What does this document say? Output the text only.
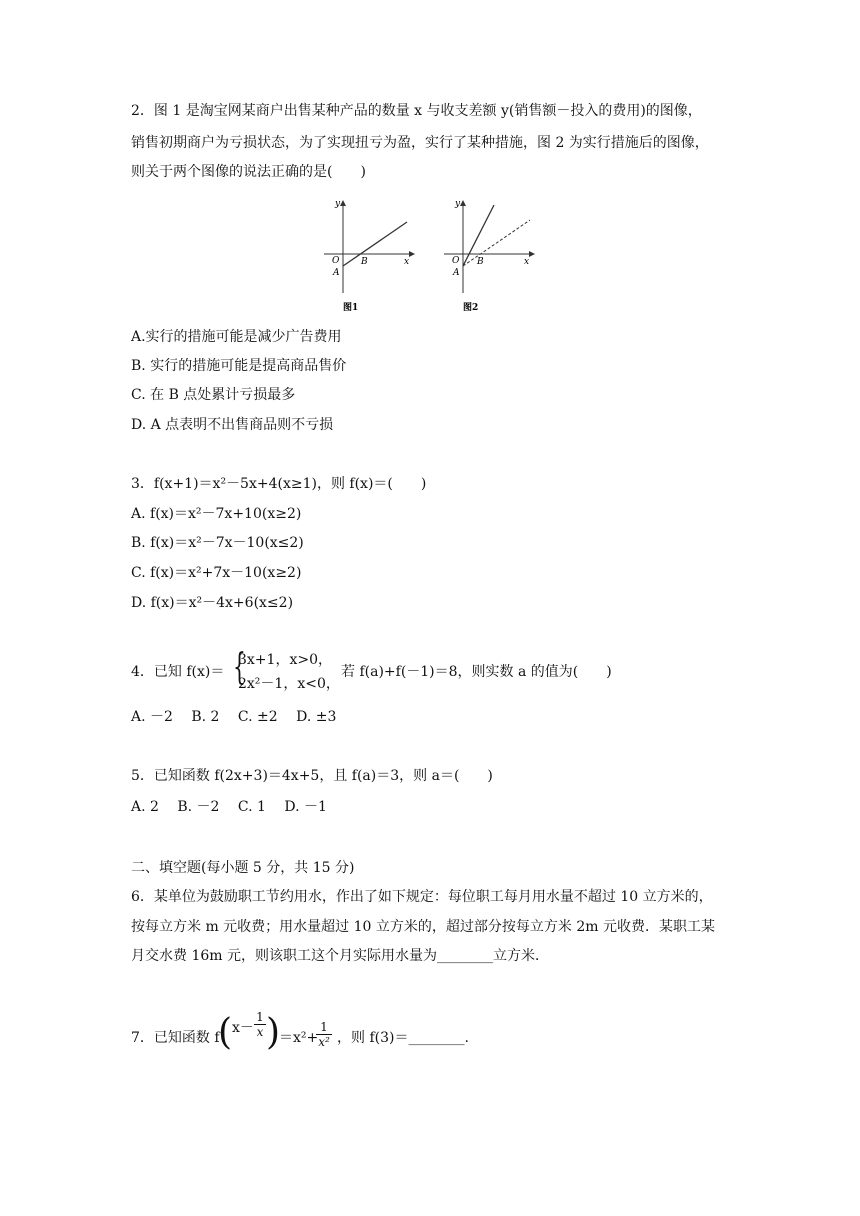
2．图 1 是淘宝网某商户出售某种产品的数量 x 与收支差额 y(销售额－投入的费用)的图像，
销售初期商户为亏损状态，为了实现扭亏为盈，实行了某种措施，图 2 为实行措施后的图像，
则关于两个图像的说法正确的是(　　)
y
x
O
A
B
图1
y
x
O
A
B
图2
A.实行的措施可能是减少广告费用
B. 实行的措施可能是提高商品售价
C. 在 B 点处累计亏损最多
D. A 点表明不出售商品则不亏损
3．f(x+1)＝x²－5x+4(x≥1)，则 f(x)＝(　　)
A. f(x)＝x²－7x+10(x≥2)
B. f(x)＝x²－7x－10(x≤2)
C. f(x)＝x²+7x－10(x≥2)
D. f(x)＝x²－4x+6(x≤2)
4．已知 f(x)＝ {
3x+1，x>0，
2x²－1，x<0，
若 f(a)+f(－1)＝8，则实数 a 的值为(　　)
A. －2　 B. 2　 C. ±2　 D. ±3
5．已知函数 f(2x+3)＝4x+5，且 f(a)＝3，则 a＝(　　)
A. 2　 B. －2　 C. 1　 D. －1
二、填空题(每小题 5 分，共 15 分)
6．某单位为鼓励职工节约用水，作出了如下规定：每位职工每月用水量不超过 10 立方米的，
按每立方米 m 元收费；用水量超过 10 立方米的，超过部分按每立方米 2m 元收费．某职工某
月交水费 16m 元，则该职工这个月实际用水量为________立方米．
7．已知函数 f
( $x- \frac{1}{x}$ )
＝x²+
$\frac{1}{\text{x²}}$ ，则 f(3)＝________.
